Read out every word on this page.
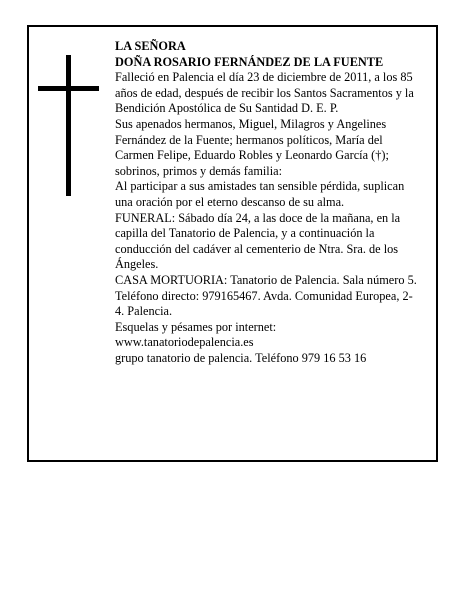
LA SEÑORA

DOÑA ROSARIO FERNÁNDEZ DE LA FUENTE

Falleció en Palencia el día 23 de diciembre de 2011, a los 85 años de edad, después de recibir los Santos Sacramentos y la Bendición Apostólica de Su Santidad D. E. P.

Sus apenados hermanos, Miguel, Milagros y Angelines Fernández de la Fuente; hermanos políticos, María del Carmen Felipe, Eduardo Robles y Leonardo García (†); sobrinos, primos y demás familia:

Al participar a sus amistades tan sensible pérdida, suplican una oración por el eterno descanso de su alma.

FUNERAL: Sábado día 24, a las doce de la mañana, en la capilla del Tanatorio de Palencia, y a continuación la conducción del cadáver al cementerio de Ntra. Sra. de los Ángeles.

CASA MORTUORIA: Tanatorio de Palencia. Sala número 5. Teléfono directo: 979165467. Avda. Comunidad Europea, 2-4. Palencia.

Esquelas y pésames por internet:

www.tanatoriodepalencia.es

grupo tanatorio de palencia. Teléfono 979 16 53 16
